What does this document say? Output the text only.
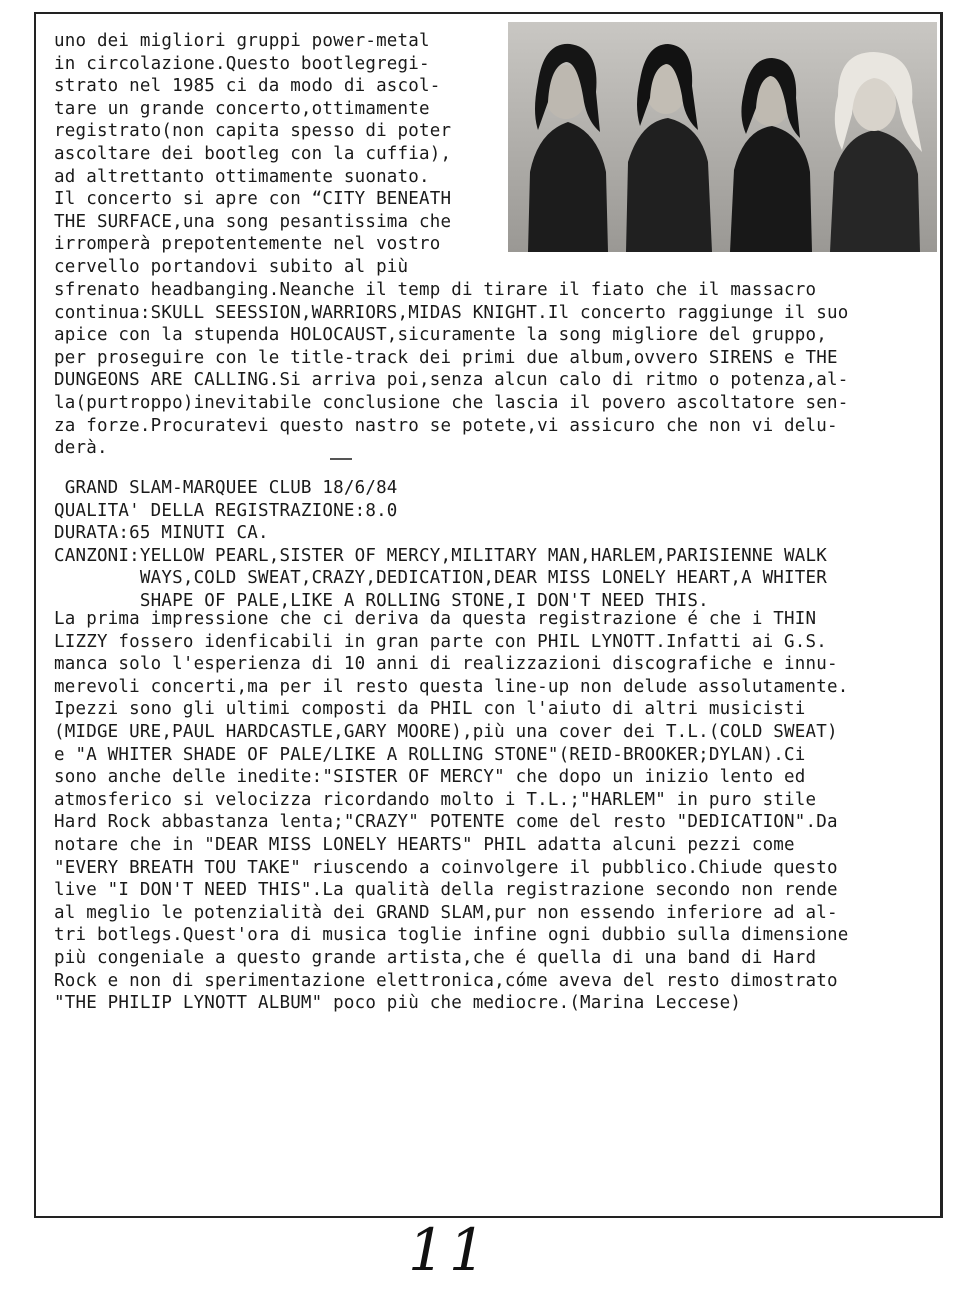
uno dei migliori gruppi power-metal
in circolazione.Questo bootlegregi-
strato nel 1985 ci da modo di ascol-
tare un grande concerto,ottimamente
registrato(non capita spesso di poter
ascoltare dei bootleg con la cuffia),
ad altrettanto ottimamente suonato.
Il concerto si apre con “CITY BENEATH
THE SURFACE,una song pesantissima che
irromperà prepotentemente nel vostro
cervello portandovi subito al più
sfrenato headbanging.Neanche il temp di tirare il fiato che il massacro
continua:SKULL SEESSION,WARRIORS,MIDAS KNIGHT.Il concerto raggiunge il suo
apice con la stupenda HOLOCAUST,sicuramente la song migliore del gruppo,
per proseguire con le title-track dei primi due album,ovvero SIRENS e THE
DUNGEONS ARE CALLING.Si arriva poi,senza alcun calo di ritmo o potenza,al-
la(purtroppo)inevitabile conclusione che lascia il povero ascoltatore sen-
za forze.Procuratevi questo nastro se potete,vi assicuro che non vi delu-
derà.
GRAND SLAM-MARQUEE CLUB 18/6/84
QUALITA' DELLA REGISTRAZIONE:8.0
DURATA:65 MINUTI CA.
CANZONI:YELLOW PEARL,SISTER OF MERCY,MILITARY MAN,HARLEM,PARISIENNE WALK
WAYS,COLD SWEAT,CRAZY,DEDICATION,DEAR MISS LONELY HEART,A WHITER
SHAPE OF PALE,LIKE A ROLLING STONE,I DON'T NEED THIS.
La prima impressione che ci deriva da questa registrazione é che i THIN
LIZZY fossero idenficabili in gran parte con PHIL LYNOTT.Infatti ai G.S.
manca solo l'esperienza di 10 anni di realizzazioni discografiche e innu-
merevoli concerti,ma per il resto questa line-up non delude assolutamente.
Ipezzi sono gli ultimi composti da PHIL con l'aiuto di altri musicisti
(MIDGE URE,PAUL HARDCASTLE,GARY MOORE),più una cover dei T.L.(COLD SWEAT)
e "A WHITER SHADE OF PALE/LIKE A ROLLING STONE"(REID-BROOKER;DYLAN).Ci
sono anche delle inedite:"SISTER OF MERCY" che dopo un inizio lento ed
atmosferico si velocizza ricordando molto i T.L.;"HARLEM" in puro stile
Hard Rock abbastanza lenta;"CRAZY" POTENTE come del resto "DEDICATION".Da
notare che in "DEAR MISS LONELY HEARTS" PHIL adatta alcuni pezzi come
"EVERY BREATH TOU TAKE" riuscendo a coinvolgere il pubblico.Chiude questo
live "I DON'T NEED THIS".La qualità della registrazione secondo non rende
al meglio le potenzialità dei GRAND SLAM,pur non essendo inferiore ad al-
tri botlegs.Quest'ora di musica toglie infine ogni dubbio sulla dimensione
più congeniale a questo grande artista,che é quella di una band di Hard
Rock e non di sperimentazione elettronica,cóme aveva del resto dimostrato
"THE PHILIP LYNOTT ALBUM" poco più che mediocre.(Marina Leccese)
11
